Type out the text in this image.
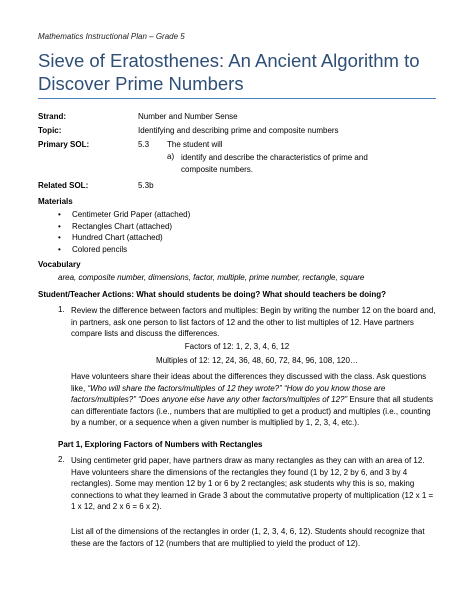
Mathematics Instructional Plan – Grade 5
Sieve of Eratosthenes: An Ancient Algorithm to
Discover Prime Numbers
Strand:	Number and Number Sense
Topic:	Identifying and describing prime and composite numbers
Primary SOL:	5.3 The student will
a) identify and describe the characteristics of prime and
composite numbers.
Related SOL:	5.3b
Materials
• Centimeter Grid Paper (attached)
• Rectangles Chart (attached)
• Hundred Chart (attached)
• Colored pencils
Vocabulary
area, composite number, dimensions, factor, multiple, prime number, rectangle, square
Student/Teacher Actions: What should students be doing? What should teachers be doing?
1. Review the difference between factors and multiples: Begin by writing the number 12 on the board and, in partners, ask one person to list factors of 12 and the other to list multiples of 12. Have partners compare lists and discuss the differences.

Factors of 12: 1, 2, 3, 4, 6, 12
Multiples of 12: 12, 24, 36, 48, 60, 72, 84, 96, 108, 120…

Have volunteers share their ideas about the differences they discussed with the class. Ask questions like, “Who will share the factors/multiples of 12 they wrote?” “How do you know those are factors/multiples?” “Does anyone else have any other factors/multiples of 12?” Ensure that all students can differentiate factors (i.e., numbers that are multiplied to get a product) and multiples (i.e., counting by a number, or a sequence when a given number is multiplied by 1, 2, 3, 4, etc.).

Part 1, Exploring Factors of Numbers with Rectangles
2. Using centimeter grid paper, have partners draw as many rectangles as they can with an area of 12. Have volunteers share the dimensions of the rectangles they found (1 by 12, 2 by 6, and 3 by 4 rectangles). Some may mention 12 by 1 or 6 by 2 rectangles; ask students why this is so, making connections to what they learned in Grade 3 about the commutative property of multiplication (12 x 1 = 1 x 12, and 2 x 6 = 6 x 2).

List all of the dimensions of the rectangles in order (1, 2, 3, 4, 6, 12). Students should recognize that these are the factors of 12 (numbers that are multiplied to yield the product of 12).
